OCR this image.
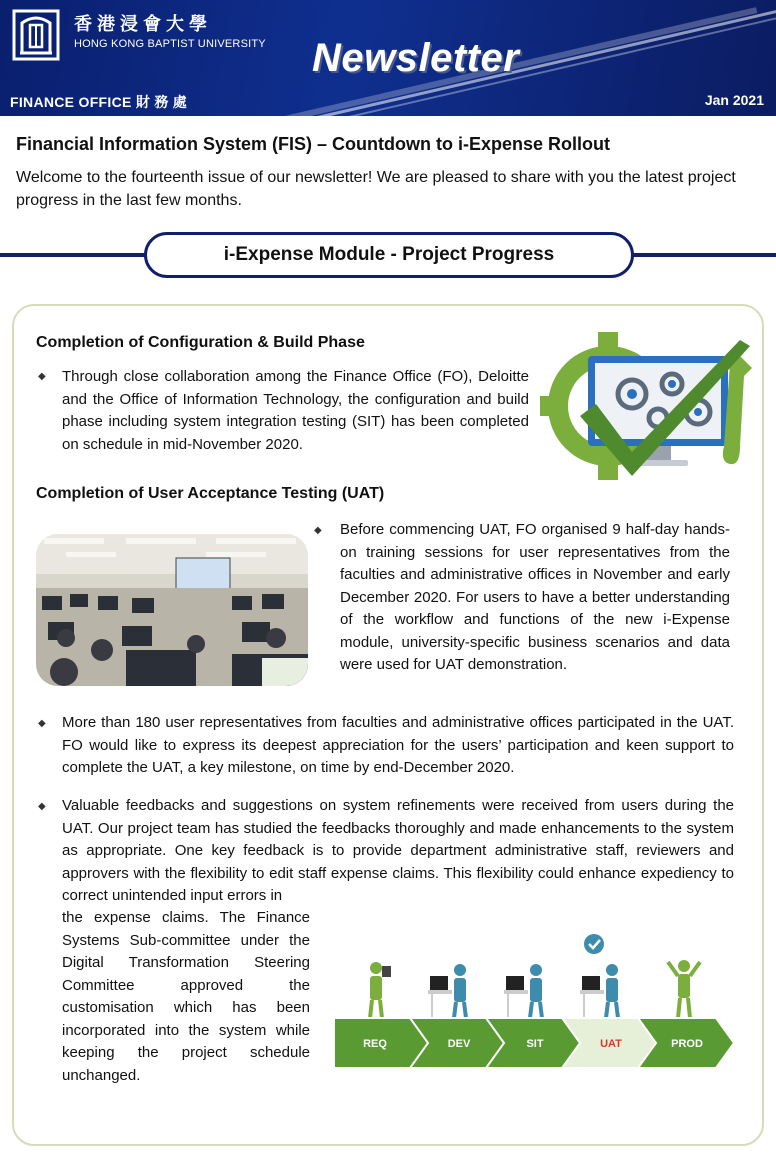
香港浸會大學
HONG KONG BAPTIST UNIVERSITY Newsletter
FINANCE OFFICE 財 務 處	Jan 2021
Financial Information System (FIS) – Countdown to i-Expense Rollout
Welcome to the fourteenth issue of our newsletter! We are pleased to share with you the latest project progress in the last few months.
i-Expense Module - Project Progress
Completion of Configuration & Build Phase
◆ Through close collaboration among the Finance Office (FO), Deloitte and the Office of Information Technology, the configuration and build phase including system integration testing (SIT) has been completed on schedule in mid-November 2020.
Completion of User Acceptance Testing (UAT)
◆ Before commencing UAT, FO organised 9 half-day hands-on training sessions for user representatives from the faculties and administrative offices in November and early December 2020. For users to have a better understanding of the workflow and functions of the new i-Expense module, university-specific business scenarios and data were used for UAT demonstration.
◆ More than 180 user representatives from faculties and administrative offices participated in the UAT. FO would like to express its deepest appreciation for the users’ participation and keen support to complete the UAT, a key milestone, on time by end-December 2020.
◆ Valuable feedbacks and suggestions on system refinements were received from users during the UAT. Our project team has studied the feedbacks thoroughly and made enhancements to the system as appropriate. One key feedback is to provide department administrative staff, reviewers and approvers with the flexibility to edit staff expense claims. This flexibility could enhance expediency to correct unintended input errors in
the expense claims. The Finance Systems Sub-committee under the Digital Transformation Steering Committee approved the customisation which has been incorporated into the system while keeping the project schedule unchanged.
REQ	DEV	SIT	UAT	PROD
